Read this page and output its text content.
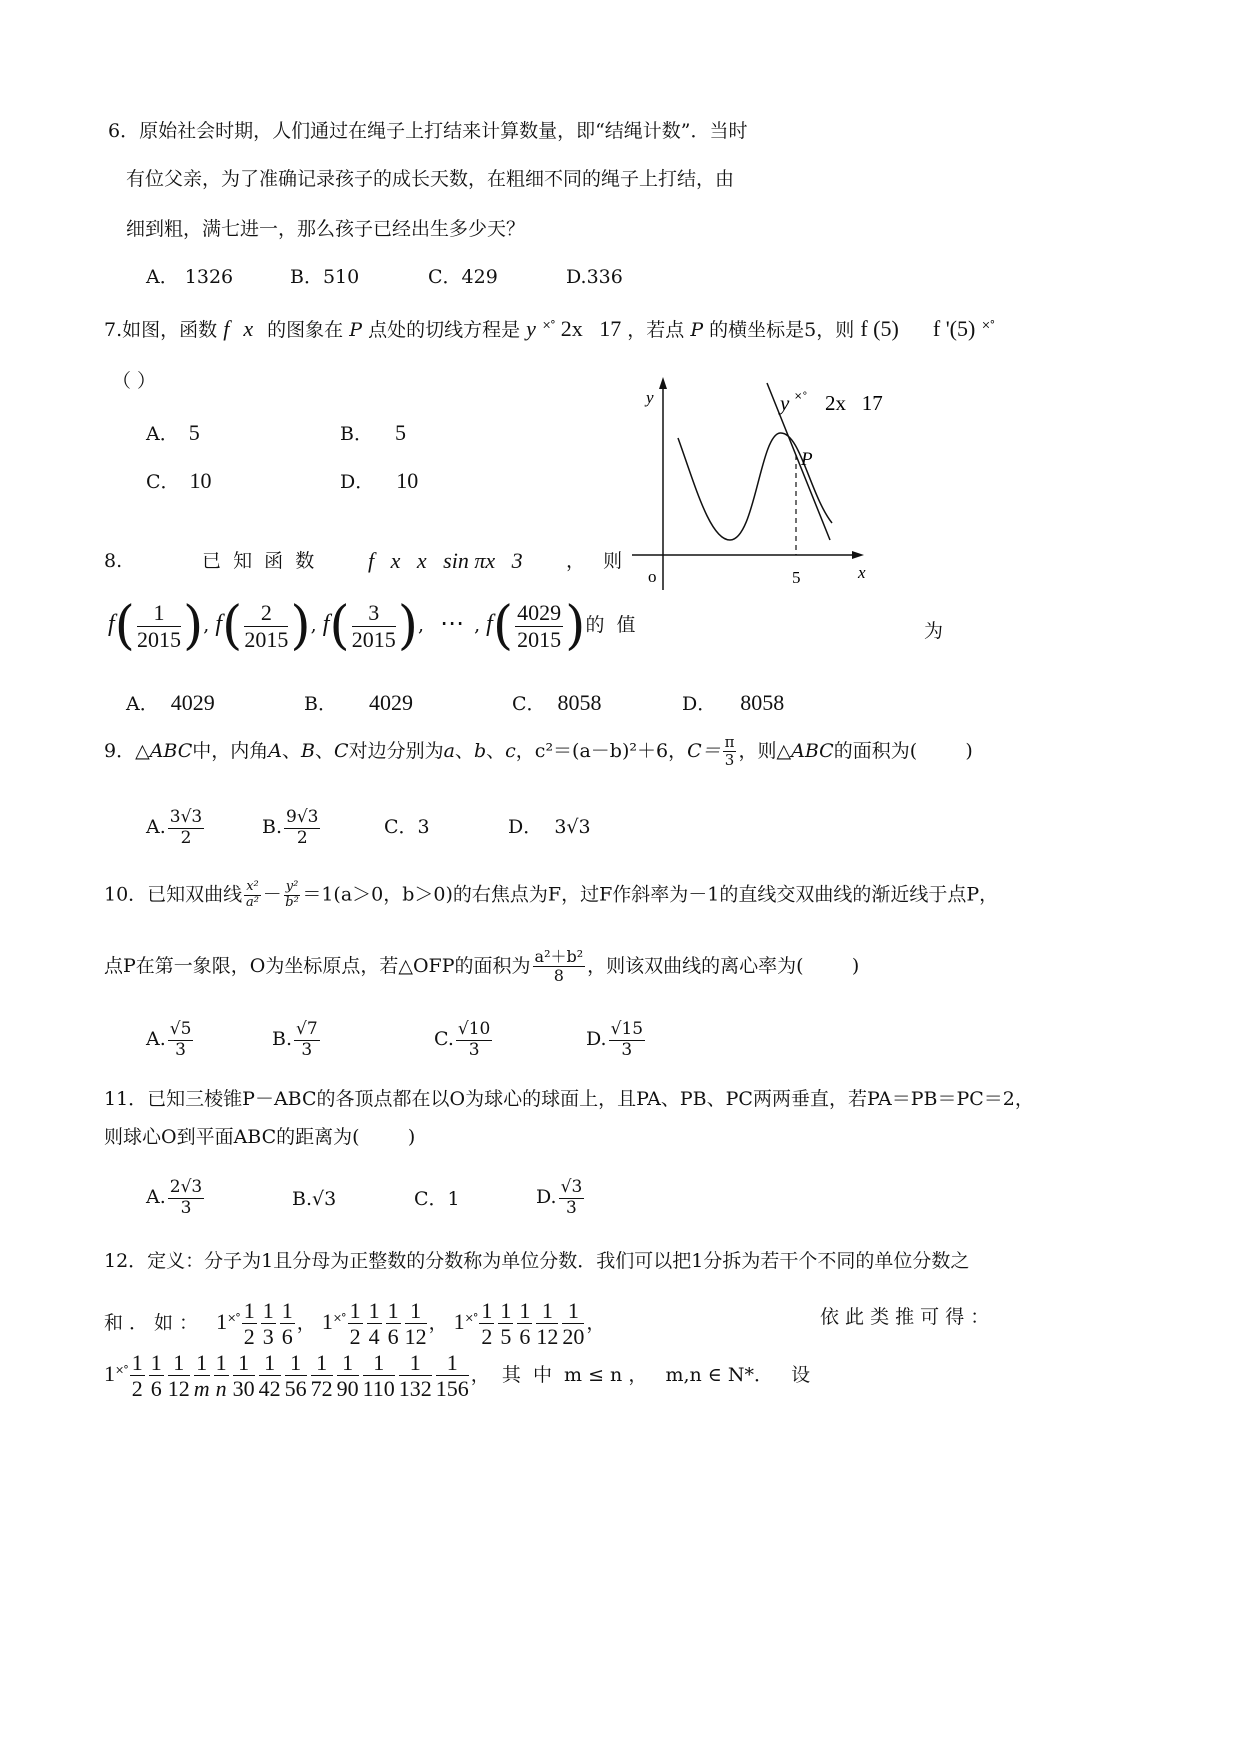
6．原始社会时期，人们通过在绳子上打结来计算数量，即“结绳计数”．当时
有位父亲，为了准确记录孩子的成长天数，在粗细不同的绳子上打结，由
细到粗，满七进一，那么孩子已经出生多少天？
A． 1326	B．510	C．429	D.336
7.如图，函数 f x 的图象在 P 点处的切线方程是 y ×° 2x   17 ，若点 P 的横坐标是5，则 f (5) f '(5) ×°
（ ）
A． 5	B． 5
C． 10	D． 10
y
x
o	5
P
y ×° 2x   17
8.	已  知  函  数 f   x   x   sin πx   3 ，   则
$f( \frac{1}{2015}$ ), $f( \frac{2}{2015}$ ), $f( \frac{3}{2015}$ ), ⋯ , $f( \frac{4029}{2015}$ )的  值	为
A． 4029	B． 4029	C． 8058	D． 8058
9．△ABC中，内角A、B、C对边分别为a、b、c，c²＝(a－b)²＋6，$C= \frac{\pi}{3}$ ，则△ABC的面积为(        )
A. $\frac{3√3}{2}$	B. $\frac{9√3}{2}$	C．3	D．  3√3
10．已知双曲线 $\frac{\text{x²}}{\text{a²}} - \frac{\text{y²}}{\text{b²}} =1(a>0$，b＞0)的右焦点为F，过F作斜率为－1的直线交双曲线的渐近线于点P，
点P在第一象限，O为坐标原点，若△OFP的面积为 $\frac{\text{a²＋b²}}{8}$ ，则该双曲线的离心率为(        )
A. $\frac{√5}{3}$	B. $\frac{√7}{3}$	C. $\frac{√10}{3}$	D. $\frac{√15}{3}$
11．已知三棱锥P－ABC的各顶点都在以O为球心的球面上，且PA、PB、PC两两垂直，若PA＝PB＝PC＝2，
则球心O到平面ABC的距离为(        )
A. $\frac{2√3}{3}$	B.√3	C．1	D. $\frac{√3}{3}$
12．定义：分子为1且分母为正整数的分数称为单位分数．我们可以把1分拆为若干个不同的单位分数之
和．如： $1^{\times^\circ} \frac{1}{2} \frac{1}{3} \frac{1}{6}$ ， $1^{\times^\circ} \frac{1}{2} \frac{1}{4} \frac{1}{6} \frac{1}{12}$ ， $1^{\times^\circ} \frac{1}{2} \frac{1}{5} \frac{1}{6} \frac{1}{12} \frac{1}{20}$ ，	依 此 类 推 可 得 ：
$1^{\times^\circ} \frac{1}{2} \frac{1}{6} \frac{1}{12} \frac{1}{m} \frac{1}{n} \frac{1}{30} \frac{1}{42} \frac{1}{56} \frac{1}{72} \frac{1}{90} \frac{1}{110} \frac{1}{132} \frac{1}{156}$ ，  其  中  m ≤ n ，   m,n ∈ N*．   设
